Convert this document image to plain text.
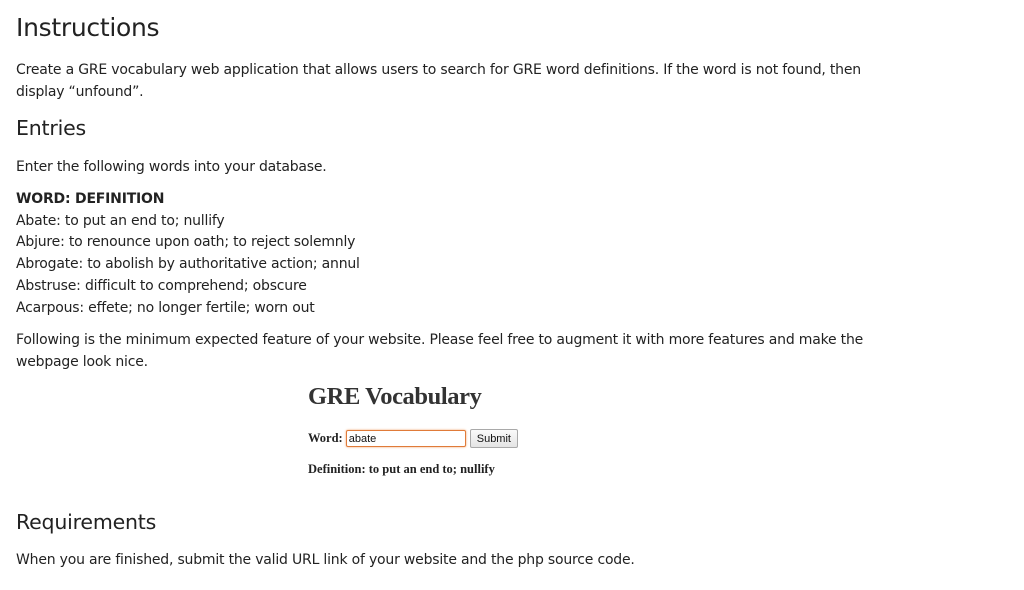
Instructions

Create a GRE vocabulary web application that allows users to search for GRE word definitions. If the word is not found, then display “unfound”.

Entries

Enter the following words into your database.

WORD: DEFINITION
Abate: to put an end to; nullify
Abjure: to renounce upon oath; to reject solemnly
Abrogate: to abolish by authoritative action; annul
Abstruse: difficult to comprehend; obscure
Acarpous: effete; no longer fertile; worn out

Following is the minimum expected feature of your website. Please feel free to augment it with more features and make the webpage look nice.

Requirements

When you are finished, submit the valid URL link of your website and the php source code.

GRE Vocabulary
Word:
abate	Submit
Definition: to put an end to; nullify
